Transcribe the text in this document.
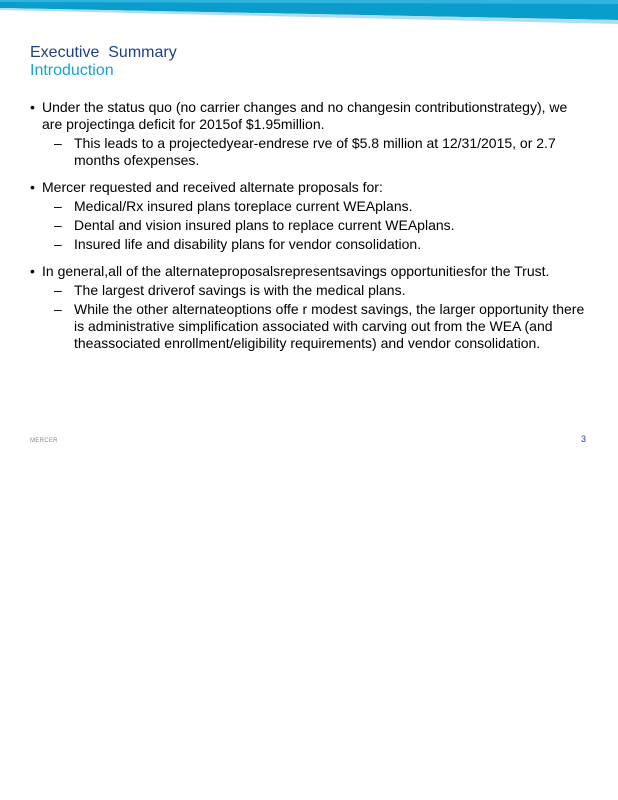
Executive  Summary
Introduction
• Under the status quo (no carrier changes and no changesin contributionstrategy), we are projectinga deficit for 2015of $1.95million.
– This leads to a projectedyear-endrese rve of $5.8 million at 12/31/2015, or 2.7 months ofexpenses.
• Mercer requested and received alternate proposals for:
– Medical/Rx insured plans toreplace current WEAplans.
– Dental and vision insured plans to replace current WEAplans.
– Insured life and disability plans for vendor consolidation.
• In general,all of the alternateproposalsrepresentsavings opportunitiesfor the Trust.
– The largest driverof savings is with the medical plans.
– While the other alternateoptions offe r modest savings, the larger opportunity there is administrative simplification associated with carving out from the WEA (and theassociated enrollment/eligibility requirements) and vendor consolidation.
MERCER	3
